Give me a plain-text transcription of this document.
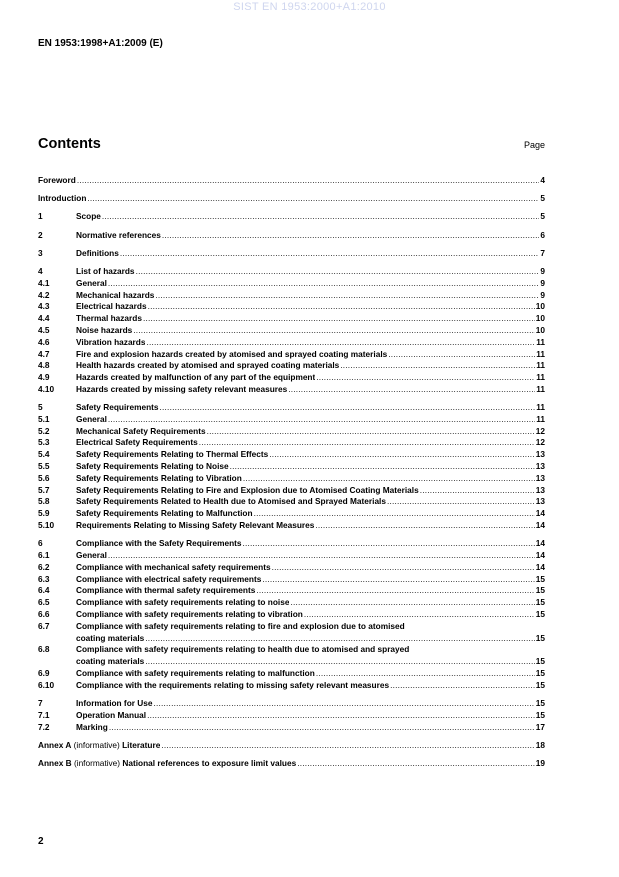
SIST EN 1953:2000+A1:2010
EN 1953:1998+A1:2009 (E)
Contents	Page
Foreword .....	4
Introduction .....	5
1	Scope .....	5
2	Normative references .....	6
3	Definitions .....	7
4	List of hazards .....	9
4.1	General .....	9
4.2	Mechanical hazards .....	9
4.3	Electrical hazards .....	10
4.4	Thermal hazards .....	10
4.5	Noise hazards .....	10
4.6	Vibration hazards .....	11
4.7	Fire and explosion hazards created by atomised and sprayed coating materials .....	11
4.8	Health hazards created by atomised and sprayed coating materials .....	11
4.9	Hazards created by malfunction of any part of the equipment .....	11
4.10	Hazards created by missing safety relevant measures .....	11
5	Safety Requirements .....	11
5.1	General .....	11
5.2	Mechanical Safety Requirements .....	12
5.3	Electrical Safety Requirements .....	12
5.4	Safety Requirements Relating to Thermal Effects .....	13
5.5	Safety Requirements Relating to Noise .....	13
5.6	Safety Requirements Relating to Vibration .....	13
5.7	Safety Requirements Relating to Fire and Explosion due to Atomised Coating Materials .....	13
5.8	Safety Requirements Related to Health due to Atomised and Sprayed Materials .....	13
5.9	Safety Requirements Relating to Malfunction .....	14
5.10	Requirements Relating to Missing Safety Relevant Measures .....	14
6	Compliance with the Safety Requirements .....	14
6.1	General .....	14
6.2	Compliance with mechanical safety requirements .....	14
6.3	Compliance with electrical safety requirements .....	15
6.4	Compliance with thermal safety requirements .....	15
6.5	Compliance with safety requirements relating to noise .....	15
6.6	Compliance with safety requirements relating to vibration .....	15
6.7	Compliance with safety requirements relating to fire and explosion due to atomised
coating materials .....	15
6.8	Compliance with safety requirements relating to health due to atomised and sprayed
coating materials .....	15
6.9	Compliance with safety requirements relating to malfunction .....	15
6.10	Compliance with the requirements relating to missing safety relevant measures .....	15
7	Information for Use .....	15
7.1	Operation Manual .....	15
7.2	Marking .....	17
Annex A (informative) Literature .....	18
Annex B (informative) National references to exposure limit values .....	19
2
